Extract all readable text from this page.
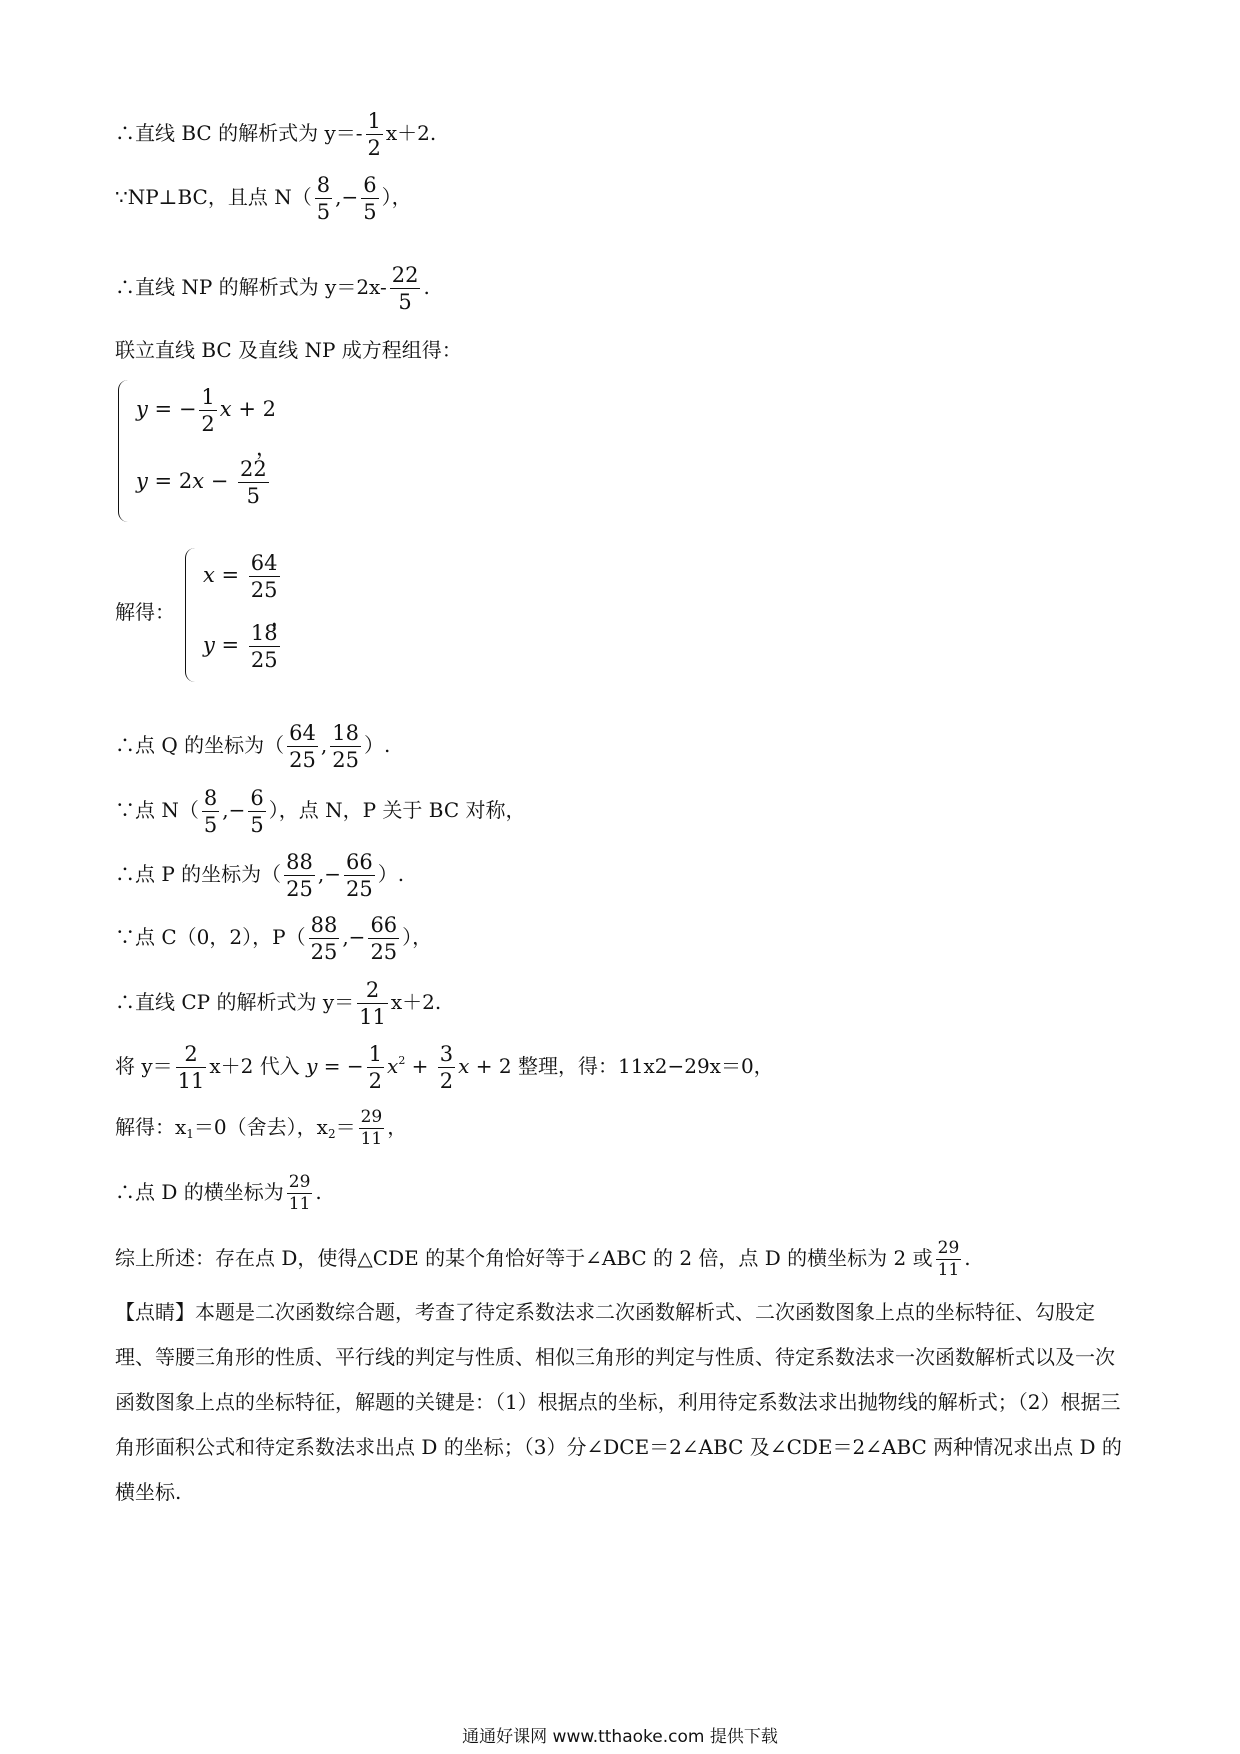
∴直线 BC 的解析式为 $y=- \frac{1}{2} x+2$.
∵NP⊥BC，且点 $N( \frac{8}{5}$ ,− $\frac{6}{5}$ ），
∴直线 NP 的解析式为 $y=2x- \frac{22}{5}$ .
联立直线 BC 及直线 NP 成方程组得：
y = − $\frac{1}{2}$ x + 2
$y = 2x - \frac{22}{5}$
，
解得：
$x = \frac{64}{25}$
$y = \frac{18}{25}$
，
∴点 Q 的坐标为（ $\frac{64}{25}$ , $\frac{18}{25}$ ）.
∵点 $N( \frac{8}{5}$ ,− $\frac{6}{5}$ ），点 N，P 关于 BC 对称，
∴点 P 的坐标为（ $\frac{88}{25}$ ,− $\frac{66}{25}$ ）.
∵点 C（0，2），$P( \frac{88}{25}$ ,− $\frac{66}{25}$ ），
∴直线 CP 的解析式为 $y= \frac{2}{11} x+2$.
将 $y= \frac{2}{11} x+2$ 代入 y = − $\frac{1}{2} x^2 + \frac{3}{2}$ x + 2 整理，得：11x2−29x＝0，
解得：$x_1=0$（舍去），$x_2= \frac{29}{11}$ ，
∴点 D 的横坐标为 $\frac{29}{11}$ .
综上所述：存在点 D，使得△CDE 的某个角恰好等于∠ABC 的 2 倍，点 D 的横坐标为 2 或 $\frac{29}{11}$ .
【点睛】本题是二次函数综合题，考查了待定系数法求二次函数解析式、二次函数图象上点的坐标特征、勾股定理、等腰三角形的性质、平行线的判定与性质、相似三角形的判定与性质、待定系数法求一次函数解析式以及一次函数图象上点的坐标特征，解题的关键是：（1）根据点的坐标，利用待定系数法求出抛物线的解析式；（2）根据三角形面积公式和待定系数法求出点 D 的坐标；（3）分∠DCE＝2∠ABC 及∠CDE＝2∠ABC 两种情况求出点 D 的横坐标.
通通好课网 www.tthaoke.com 提供下载
